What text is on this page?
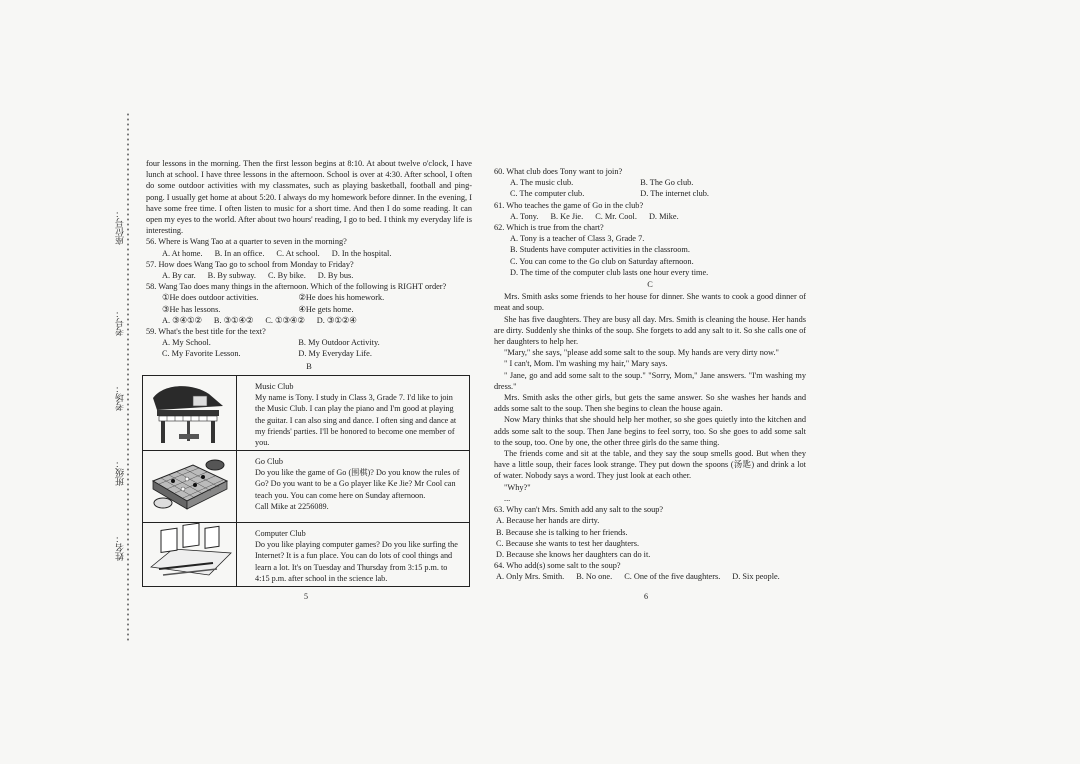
座位号：
考号：
考场：
班级：
姓名：

four lessons in the morning. Then the first lesson begins at 8:10. At about twelve o'clock, I have lunch at school. I have three lessons in the afternoon. School is over at 4:30. After school, I often do some outdoor activities with my classmates, such as playing basketball, football and ping-pong. I usually get home at about 5:20. I always do my homework before dinner. In the evening, I have some free time. I often listen to music for a short time. And then I do some reading. It can open my eyes to the world. After about two hours' reading, I go to bed. I think my everyday life is interesting.

56. Where is Wang Tao at a quarter to seven in the morning?

A. At home. B. In an office. C. At school. D. In the hospital.

57. How does Wang Tao go to school from Monday to Friday?

A. By car. B. By subway. C. By bike. D. By bus.

58. Wang Tao does many things in the afternoon. Which of the following is RIGHT order?

①He does outdoor activities.	②He does his homework.
③He has lessons.	④He gets home.
A. ③④①② B. ③①④② C. ①③④② D. ③①②④

59. What's the best title for the text?

A. My School.	B. My Outdoor Activity.
C. My Favorite Lesson.	D. My Everyday Life.
B
Music Club
My name is Tony. I study in Class 3, Grade 7. I'd like to join the Music Club. I can play the piano and I'm good at playing the guitar. I can also sing and dance. I often sing and dance at my friends' parties. I'll be honored to become one member of you.
Go Club
Do you like the game of Go (围棋)? Do you know the rules of Go? Do you want to be a Go player like Ke Jie? Mr Cool can teach you. You can come here on Sunday afternoon.
Call Mike at 2256089.
Computer Club
Do you like playing computer games? Do you like surfing the Internet? It is a fun place. You can do lots of cool things and learn a lot. It's on Tuesday and Thursday from 3:15 p.m. to 4:15 p.m. after school in the science lab.
5

60. What club does Tony want to join?

A. The music club.	B. The Go club.
C. The computer club.	D. The internet club.

61. Who teaches the game of Go in the club?

A. Tony. B. Ke Jie. C. Mr. Cool. D. Mike.

62. Which is true from the chart?

A. Tony is a teacher of Class 3, Grade 7.
B. Students have computer activities in the classroom.
C. You can come to the Go club on Saturday afternoon.
D. The time of the computer club lasts one hour every time.
C

Mrs. Smith asks some friends to her house for dinner. She wants to cook a good dinner of meat and soup.

She has five daughters. They are busy all day. Mrs. Smith is cleaning the house. Her hands are dirty. Suddenly she thinks of the soup. She forgets to add any salt to it. So she calls one of her daughters to help her.

"Mary," she says, "please add some salt to the soup. My hands are very dirty now."

" I can't, Mom. I'm washing my hair," Mary says.

" Jane, go and add some salt to the soup." "Sorry, Mom," Jane answers. "I'm washing my dress."

Mrs. Smith asks the other girls, but gets the same answer. So she washes her hands and adds some salt to the soup. Then she begins to clean the house again.

Now Mary thinks that she should help her mother, so she goes quietly into the kitchen and adds some salt to the soup. Then Jane begins to feel sorry, too. So she goes to add some salt to the soup, too. One by one, the other three girls do the same thing.

The friends come and sit at the table, and they say the soup smells good. But when they have a little soup, their faces look strange. They put down the spoons (汤匙) and drink a lot of water. Nobody says a word. They just look at each other.

"Why?"

...

63. Why can't Mrs. Smith add any salt to the soup?

A. Because her hands are dirty.
B. Because she is talking to her friends.
C. Because she wants to test her daughters.
D. Because she knows her daughters can do it.

64. Who add(s) some salt to the soup?

A. Only Mrs. Smith. B. No one. C. One of the five daughters. D. Six people.
6
